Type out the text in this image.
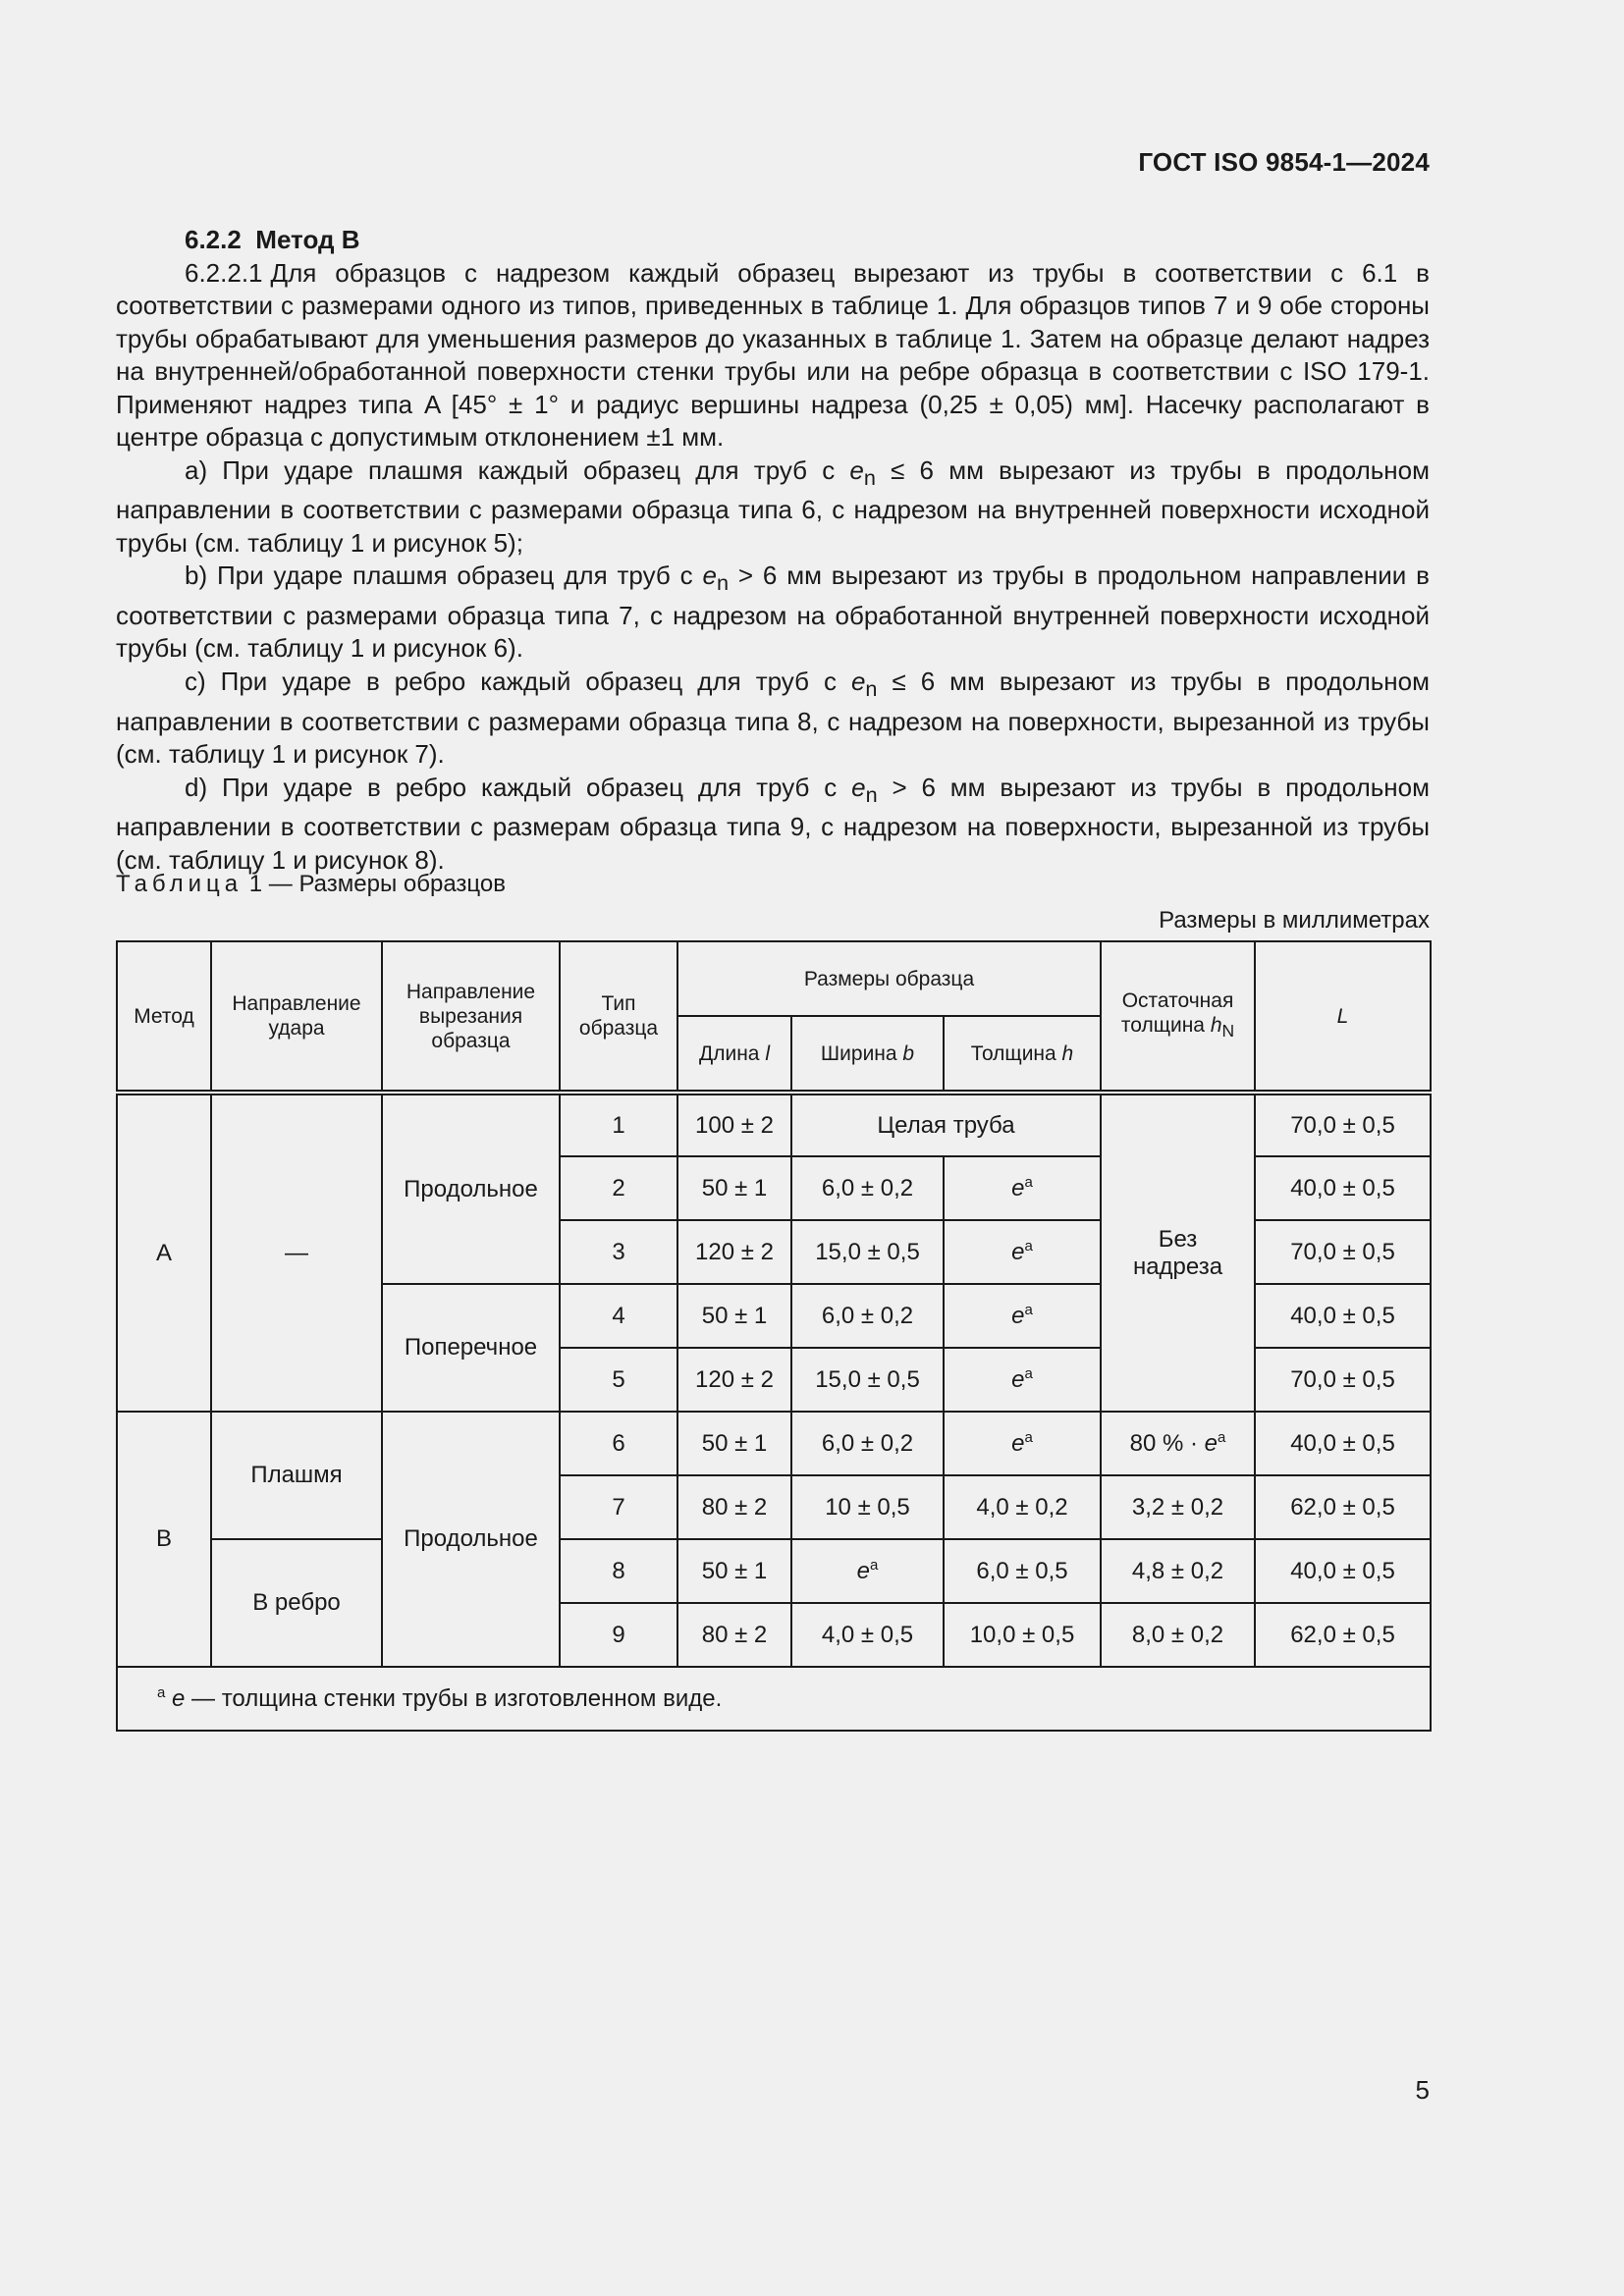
ГОСТ ISO 9854-1—2024

6.2.2 Метод В

6.2.2.1 Для образцов с надрезом каждый образец вырезают из трубы в соответствии с 6.1 в соответствии с размерами одного из типов, приведенных в таблице 1. Для образцов типов 7 и 9 обе стороны трубы обрабатывают для уменьшения размеров до указанных в таблице 1. Затем на образце делают надрез на внутренней/обработанной поверхности стенки трубы или на ребре образца в соответствии с ISO 179-1. Применяют надрез типа A [45° ± 1° и радиус вершины надреза (0,25 ± 0,05) мм]. Насечку располагают в центре образца с допустимым отклонением ±1 мм.

a) При ударе плашмя каждый образец для труб с $e_n \le 6$ мм вырезают из трубы в продольном направлении в соответствии с размерами образца типа 6, с надрезом на внутренней поверхности исходной трубы (см. таблицу 1 и рисунок 5);

b) При ударе плашмя образец для труб с $e_n > 6$ мм вырезают из трубы в продольном направлении в соответствии с размерами образца типа 7, с надрезом на обработанной внутренней поверхности исходной трубы (см. таблицу 1 и рисунок 6).

c) При ударе в ребро каждый образец для труб с $e_n \le 6$ мм вырезают из трубы в продольном направлении в соответствии с размерами образца типа 8, с надрезом на поверхности, вырезанной из трубы (см. таблицу 1 и рисунок 7).

d) При ударе в ребро каждый образец для труб с $e_n > 6$ мм вырезают из трубы в продольном направлении в соответствии с размерам образца типа 9, с надрезом на поверхности, вырезанной из трубы (см. таблицу 1 и рисунок 8).

Таблица 1 — Размеры образцов
Размеры в миллиметрах
Метод	Направление удара	Направление вырезания образца	Тип образца	Размеры образца			Остаточная толщина $h_N$	L
				Длина l	Ширина b	Толщина h		
А	—	Продольное	1	100 ± 2	Целая труба		Без надреза	70,0 ± 0,5
			2	50 ± 1	6,0 ± 0,2	$e^a$		40,0 ± 0,5
			3	120 ± 2	15,0 ± 0,5	$e^a$		70,0 ± 0,5
		Поперечное	4	50 ± 1	6,0 ± 0,2	$e^a$		40,0 ± 0,5
			5	120 ± 2	15,0 ± 0,5	$e^a$		70,0 ± 0,5
В	Плашмя	Продольное	6	50 ± 1	6,0 ± 0,2	$e^a$	80 % · $e^a$	40,0 ± 0,5
			7	80 ± 2	10 ± 0,5	4,0 ± 0,2	3,2 ± 0,2	62,0 ± 0,5
	В ребро		8	50 ± 1	$e^a$	6,0 ± 0,5	4,8 ± 0,2	40,0 ± 0,5
			9	80 ± 2	4,0 ± 0,5	10,0 ± 0,5	8,0 ± 0,2	62,0 ± 0,5
$^a$ e — толщина стенки трубы в изготовленном виде.								
5
